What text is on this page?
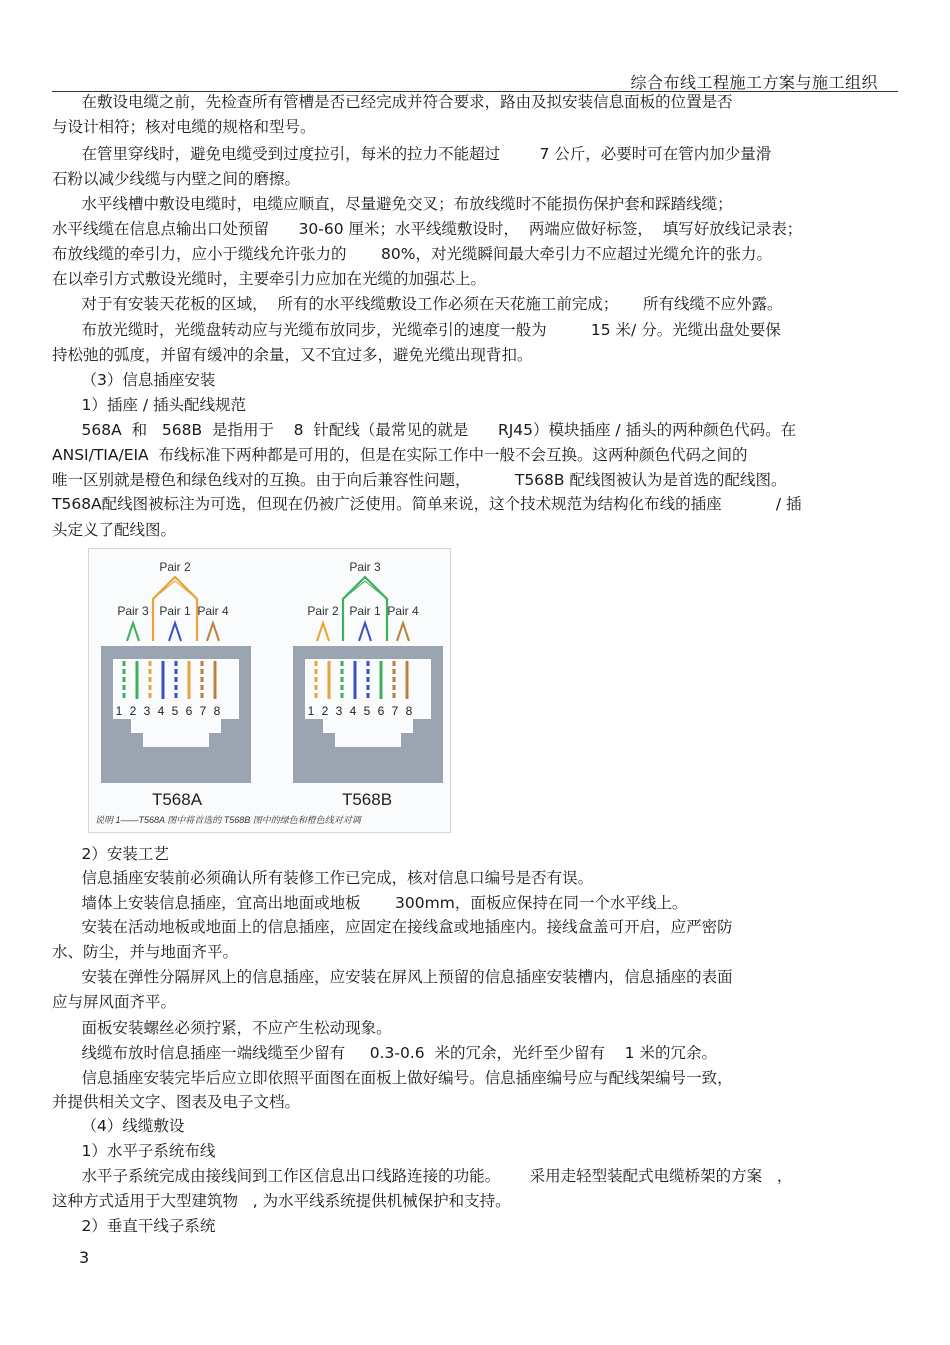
综合布线工程施工方案与施工组织
在敷设电缆之前，先检查所有管槽是否已经完成并符合要求，路由及拟安装信息面板的位置是否
与设计相符；核对电缆的规格和型号。
在管里穿线时，避免电缆受到过度拉引，每米的拉力不能超过        7 公斤，必要时可在管内加少量滑
石粉以减少线缆与内壁之间的磨擦。
水平线槽中敷设电缆时，电缆应顺直，尽量避免交叉；布放线缆时不能损伤保护套和踩踏线缆；
水平线缆在信息点输出口处预留      30-60 厘米；水平线缆敷设时，  两端应做好标签，  填写好放线记录表；
布放线缆的牵引力，应小于缆线允许张力的       80%，对光缆瞬间最大牵引力不应超过光缆允许的张力。
在以牵引方式敷设光缆时，主要牵引力应加在光缆的加强芯上。
对于有安装天花板的区域，  所有的水平线缆敷设工作必须在天花施工前完成；     所有线缆不应外露。
布放光缆时，光缆盘转动应与光缆布放同步，光缆牵引的速度一般为         15 米/ 分。光缆出盘处要保
持松弛的弧度，并留有缓冲的余量，又不宜过多，避免光缆出现背扣。
（3）信息插座安装
1）插座 / 插头配线规范
568A  和   568B  是指用于    8  针配线（最常见的就是      RJ45）模块插座 / 插头的两种颜色代码。在
ANSI/TIA/EIA  布线标准下两种都是可用的，但是在实际工作中一般不会互换。这两种颜色代码之间的
唯一区别就是橙色和绿色线对的互换。由于向后兼容性问题，         T568B 配线图被认为是首选的配线图。
T568A配线图被标注为可选，但现在仍被广泛使用。简单来说，这个技术规范为结构化布线的插座           / 插
头定义了配线图。
Pair 2
Pair 3 Pair 1 Pair 4
1 2 3 4 5 6 7 8
T568A
Pair 3
Pair 2 Pair 1 Pair 4
1 2 3 4 5 6 7 8
T568B
说明 1——T568A 图中将首选的 T568B 图中的绿色和橙色线对对调
2）安装工艺
信息插座安装前必须确认所有装修工作已完成，核对信息口编号是否有误。
墙体上安装信息插座，宜高出地面或地板       300mm，面板应保持在同一个水平线上。
安装在活动地板或地面上的信息插座，应固定在接线盒或地插座内。接线盒盖可开启，应严密防
水、防尘，并与地面齐平。
安装在弹性分隔屏风上的信息插座，应安装在屏风上预留的信息插座安装槽内，信息插座的表面
应与屏风面齐平。
面板安装螺丝必须拧紧，不应产生松动现象。
线缆布放时信息插座一端线缆至少留有     0.3-0.6  米的冗余，光纤至少留有    1 米的冗余。
信息插座安装完毕后应立即依照平面图在面板上做好编号。信息插座编号应与配线架编号一致，
并提供相关文字、图表及电子文档。
（4）线缆敷设
1）水平子系统布线
水平子系统完成由接线间到工作区信息出口线路连接的功能。      采用走轻型装配式电缆桥架的方案   ，
这种方式适用于大型建筑物   , 为水平线系统提供机械保护和支持。
2）垂直干线子系统
3
